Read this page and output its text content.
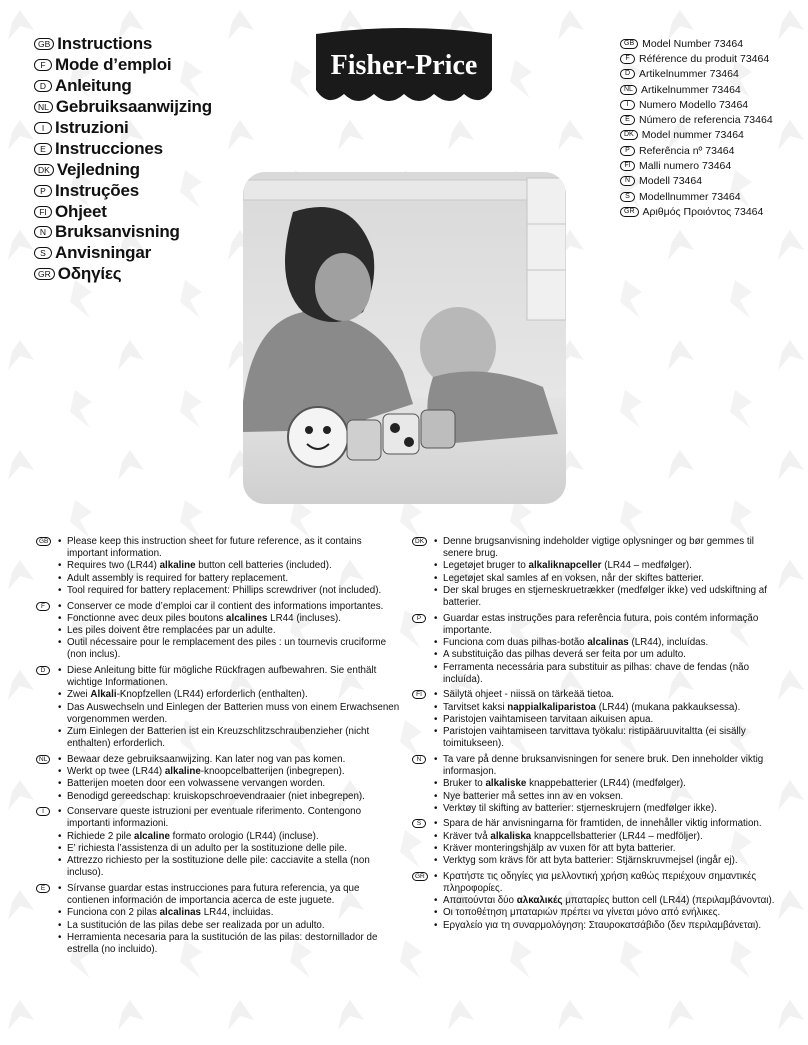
GB Instructions
F Mode d’emploi
D Anleitung
NL Gebruiksaanwijzing
I Istruzioni
E Instrucciones
DK Vejledning
P Instruções
FI Ohjeet
N Bruksanvisning
S Anvisningar
GR Οδηγίες
Fisher-Price
GB Model Number 73464
F Référence du produit 73464
D Artikelnummer 73464
NL Artikelnummer 73464
I	Numero Modello 73464
E Número de referencia 73464
DK Model nummer 73464
P Referência nº 73464
FI Malli numero 73464
N Modell 73464
S Modellnummer 73464
GR Αριθμός Προιόντος 73464
GB • Please keep this instruction sheet for future reference, as it contains important information.
• Requires two (LR44) alkaline button cell batteries (included).
• Adult assembly is required for battery replacement.
• Tool required for battery replacement: Phillips screwdriver (not included).
F	• Conserver ce mode d’emploi car il contient des informations importantes.
• Fonctionne avec deux piles boutons alcalines LR44 (incluses).
• Les piles doivent être remplacées par un adulte.
• Outil nécessaire pour le remplacement des piles : un tournevis cruciforme (non inclus).
D	• Diese Anleitung bitte für mögliche Rückfragen aufbewahren. Sie enthält wichtige Informationen.
• Zwei Alkali-Knopfzellen (LR44) erforderlich (enthalten).
• Das Auswechseln und Einlegen der Batterien muss von einem Erwachsenen vorgenommen werden.
• Zum Einlegen der Batterien ist ein Kreuzschlitzschraubenzieher (nicht enthalten) erforderlich.
NL	• Bewaar deze gebruiksaanwijzing. Kan later nog van pas komen.
• Werkt op twee (LR44) alkaline-knoopcelbatterijen (inbegrepen).
• Batterijen moeten door een volwassene vervangen worden.
• Benodigd gereedschap: kruiskopschroevendraaier (niet inbegrepen).
I	• Conservare queste istruzioni per eventuale riferimento. Contengono importanti informazioni.
• Richiede 2 pile alcaline formato orologio (LR44) (incluse).
• E’ richiesta l’assistenza di un adulto per la sostituzione delle pile.
• Attrezzo richiesto per la sostituzione delle pile: cacciavite a stella (non incluso).
E	• Sírvanse guardar estas instrucciones para futura referencia, ya que contienen información de importancia acerca de este juguete.
• Funciona con 2 pilas alcalinas LR44, incluidas.
• La sustitución de las pilas debe ser realizada por un adulto.
• Herramienta necesaria para la sustitución de las pilas: destornillador de estrella (no incluido).
DK	• Denne brugsanvisning indeholder vigtige oplysninger og bør gemmes til senere brug.
• Legetøjet bruger to alkaliknapceller (LR44 – medfølger).
• Legetøjet skal samles af en voksen, når der skiftes batterier.
• Der skal bruges en stjerneskruetrækker (medfølger ikke) ved udskiftning af batterier.
P	• Guardar estas instruções para referência futura, pois contém informação importante.
• Funciona com duas pilhas-botão alcalinas (LR44), incluídas.
• A substituição das pilhas deverá ser feita por um adulto.
• Ferramenta necessária para substituir as pilhas: chave de fendas (não incluída).
FI	• Säilytä ohjeet - niissä on tärkeää tietoa.
• Tarvitset kaksi nappialkaliparistoa (LR44) (mukana pakkauksessa).
• Paristojen vaihtamiseen tarvitaan aikuisen apua.
• Paristojen vaihtamiseen tarvittava työkalu: ristipääruuvitaltta (ei sisälly toimitukseen).
N	• Ta vare på denne bruksanvisningen for senere bruk. Den inneholder viktig informasjon.
• Bruker to alkaliske knappebatterier (LR44) (medfølger).
• Nye batterier må settes inn av en voksen.
• Verktøy til skifting av batterier: stjerneskrujern (medfølger ikke).
S	• Spara de här anvisningarna för framtiden, de innehåller viktig information.
• Kräver två alkaliska knappcellsbatterier (LR44 – medföljer).
• Kräver monteringshjälp av vuxen för att byta batterier.
• Verktyg som krävs för att byta batterier: Stjärnskruvmejsel (ingår ej).
GR • Κρατήστε τις οδηγίες για μελλοντική χρήση καθώς περιέχουν σημαντικές πληροφορίες.
• Απαιτούνται δύο αλκαλικές μπαταρίες button cell (LR44) (περιλαμβάνονται).
• Οι τοποθέτηση μπαταριών πρέπει να γίνεται μόνο από ενήλικες.
• Εργαλείο για τη συναρμολόγηση: Σταυροκατσάβιδο (δεν περιλαμβάνεται).
